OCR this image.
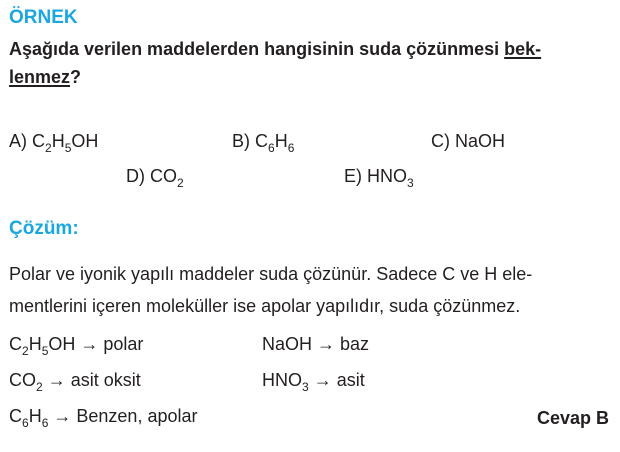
ÖRNEK
Aşağıda verilen maddelerden hangisinin suda çözünmesi bek-
lenmez?
A) $C_2H_5OH$	B) $C_6H_6$	C) NaOH
D) $CO_2$	E) $HNO_3$
Çözüm:
Polar ve iyonik yapılı maddeler suda çözünür. Sadece C ve H ele-
mentlerini içeren moleküller ise apolar yapılıdır, suda çözünmez.
$C_2H_5OH$ → polar	NaOH → baz
$CO_2$ → asit oksit	$HNO_3$ → asit
$C_6H_6$ → Benzen, apolar	Cevap B
